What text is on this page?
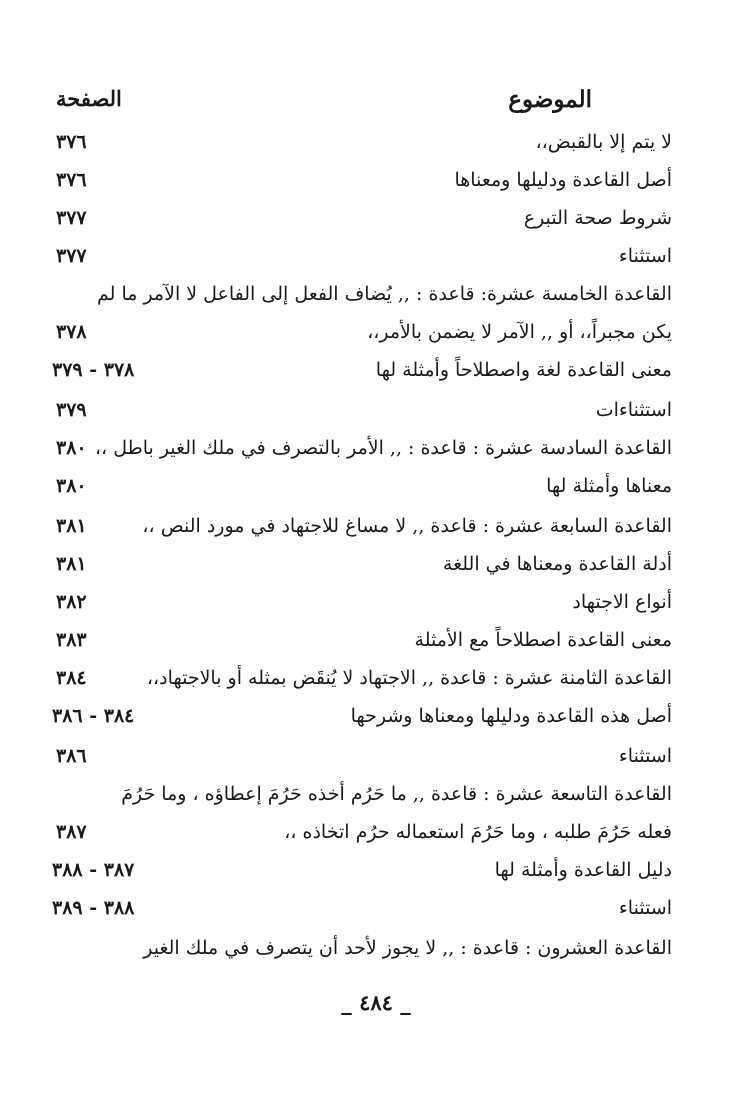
الموضوع
الصفحة
لا يتم إلا بالقبض،،
٣٧٦
أصل القاعدة ودليلها ومعناها
٣٧٦
شروط صحة التبرع
٣٧٧
استثناء
٣٧٧
القاعدة الخامسة عشرة: قاعدة : ,, يُضاف الفعل إلى الفاعل لا الآمر ما لم
يكن مجبراً،، أو ,, الآمر لا يضمن بالأمر،،
٣٧٨
معنى القاعدة لغة واصطلاحاً وأمثلة لها
٣٧٨ - ٣٧٩
استثناءات
٣٧٩
القاعدة السادسة عشرة : قاعدة : ,, الأمر بالتصرف في ملك الغير باطل ،،
٣٨٠
معناها وأمثلة لها
٣٨٠
القاعدة السابعة عشرة : قاعدة ,, لا مساغ للاجتهاد في مورد النص ،،
٣٨١
أدلة القاعدة ومعناها في اللغة
٣٨١
أنواع الاجتهاد
٣٨٢
معنى القاعدة اصطلاحاً مع الأمثلة
٣٨٣
القاعدة الثامنة عشرة : قاعدة ,, الاجتهاد لا يُنقَض بمثله أو بالاجتهاد،،
٣٨٤
أصل هذه القاعدة ودليلها ومعناها وشرحها
٣٨٤ - ٣٨٦
استثناء
٣٨٦
القاعدة التاسعة عشرة : قاعدة ,, ما حَرُم أخذه حَرُمَ إعطاؤه ، وما حَرُمَ
فعله حَرُمَ طلبه ، وما حَرُمَ استعماله حرُم اتخاذه ،،
٣٨٧
دليل القاعدة وأمثلة لها
٣٨٧ - ٣٨٨
استثناء
٣٨٨ - ٣٨٩
القاعدة العشرون : قاعدة : ,, لا يجوز لأحد أن يتصرف في ملك الغير
_ ٤٨٤ _
